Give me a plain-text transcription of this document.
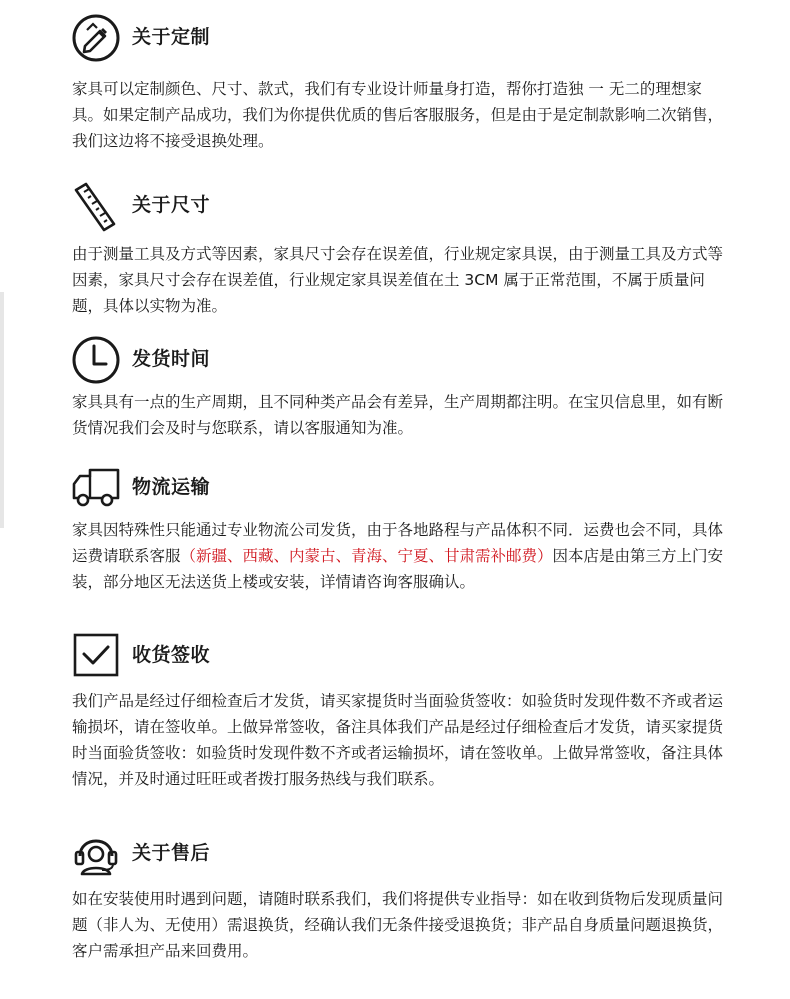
关于定制
家具可以定制颜色、尺寸、款式，我们有专业设计师量身打造，帮你打造独 一 无二的理想家具。如果定制产品成功，我们为你提供优质的售后客服服务，但是由于是定制款影响二次销售，我们这边将不接受退换处理。
关于尺寸
由于测量工具及方式等因素，家具尺寸会存在误差值，行业规定家具误，由于测量工具及方式等因素，家具尺寸会存在误差值，行业规定家具误差值在土 3CM 属于正常范围，不属于质量问题，具体以实物为准。
发货时间
家具具有一点的生产周期，且不同种类产品会有差异，生产周期都注明。在宝贝信息里，如有断货情况我们会及时与您联系，请以客服通知为准。
物流运输
家具因特殊性只能通过专业物流公司发货，由于各地路程与产品体积不同．运费也会不同，具体运费请联系客服（新疆、西藏、内蒙古、青海、宁夏、甘肃需补邮费）因本店是由第三方上门安装，部分地区无法送货上楼或安装，详情请咨询客服确认。
收货签收
我们产品是经过仔细检查后才发货，请买家提货时当面验货签收：如验货时发现件数不齐或者运输损坏，请在签收单。上做异常签收，备注具体我们产品是经过仔细检查后才发货，请买家提货时当面验货签收：如验货时发现件数不齐或者运输损坏，请在签收单。上做异常签收，备注具体情况，并及时通过旺旺或者拨打服务热线与我们联系。
关于售后
如在安装使用时遇到问题，请随时联系我们，我们将提供专业指导：如在收到货物后发现质量问题（非人为、无使用）需退换货，经确认我们无条件接受退换货；非产品自身质量问题退换货，客户需承担产品来回费用。
